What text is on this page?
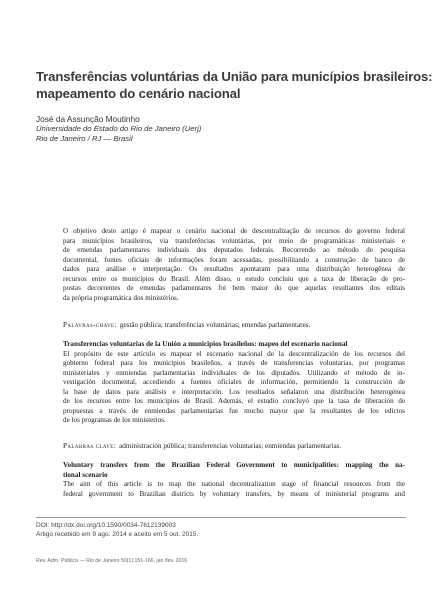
Transferências voluntárias da União para municípios brasileiros:
mapeamento do cenário nacional
José da Assunção Moutinho
Universidade do Estado do Rio de Janeiro (Uerj)
Rio de Janeiro / RJ — Brasil
O objetivo deste artigo é mapear o cenário nacional de descentralização de recursos do governo federal
para municípios brasileiros, via transferências voluntárias, por meio de programáticas ministeriais e
de emendas parlamentares individuais dos deputados federais. Recorrendo ao método de pesquisa
documental, fontes oficiais de informações foram acessadas, possibilitando a construção de banco de
dados para análise e interpretação. Os resultados apontaram para uma distribuição heterogênea de
recursos entre os municípios do Brasil. Além disso, o estudo concluiu que a taxa de liberação de pro-
postas decorrentes de emendas parlamentares foi bem maior do que aquelas resultantes dos editais
da própria programática dos ministérios.
Palavras-chave: gestão pública; transferências voluntárias; emendas parlamentares.
Transferencias voluntarias de la Unión a municipios brasileños: mapeo del escenario nacional
El propósito de este artículo es mapear el escenario nacional de la descentralización de los recursos del
gobierno federal para los municipios brasileños, a través de transferencias voluntarias, por programas
ministeriales y enmiendas parlamentarias individuales de los diputados. Utilizando el método de in-
vestigación documental, accediendo a fuentes oficiales de información, permitiendo la construcción de
la base de datos para análisis e interpretación. Los resultados señalaron una distribución heterogénea
de los recursos entre los municipios de Brasil. Además, el estudio concluyó que la tasa de liberación de
propuestas a través de enmiendas parlamentarias fue mucho mayor que la resultantes de los edictos
de los programas de los ministerios.
Palabras clave: administración pública; transferencias voluntarias; enmiendas parlamentarias.
Voluntary transfers from the Brazilian Federal Government to municipalities: mapping the na-
tional scenario
The aim of this article is to map the national decentralization stage of financial resources from the
federal government to Brazilian districts by voluntary transfers, by means of ministerial programs and
DOI: http://dx.doi.org/10.1590/0034-7612139003
Artigo recebido em 9 ago. 2014 e aceito em 5 out. 2015.
Rev. Adm. Pública — Rio de Janeiro 50(1):151-166, jan./fev. 2016
